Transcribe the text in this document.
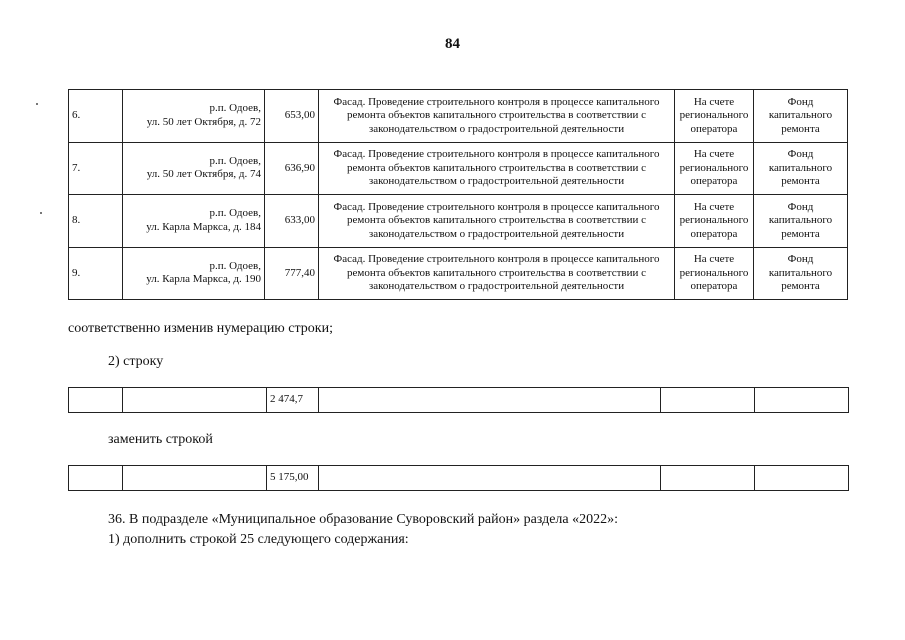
84
6.	р.п. Одоев,
ул. 50 лет Октября, д. 72	653,00	Фасад. Проведение строительного контроля в процессе капитального ремонта объектов капитального строительства в соответствии с законодательством о градостроительной деятельности	На счете регионального оператора	Фонд капитального ремонта
7.	р.п. Одоев,
ул. 50 лет Октября, д. 74	636,90	Фасад. Проведение строительного контроля в процессе капитального ремонта объектов капитального строительства в соответствии с законодательством о градостроительной деятельности	На счете регионального оператора	Фонд капитального ремонта
8.	р.п. Одоев,
ул. Карла Маркса, д. 184	633,00	Фасад. Проведение строительного контроля в процессе капитального ремонта объектов капитального строительства в соответствии с законодательством о градостроительной деятельности	На счете регионального оператора	Фонд капитального ремонта
9.	р.п. Одоев,
ул. Карла Маркса, д. 190	777,40	Фасад. Проведение строительного контроля в процессе капитального ремонта объектов капитального строительства в соответствии с законодательством о градостроительной деятельности	На счете регионального оператора	Фонд капитального ремонта
соответственно изменив нумерацию строки;
2) строку
		2 474,7			
заменить строкой
		5 175,00			
36. В подразделе «Муниципальное образование Суворовский район» раздела «2022»:
1) дополнить строкой 25 следующего содержания:
